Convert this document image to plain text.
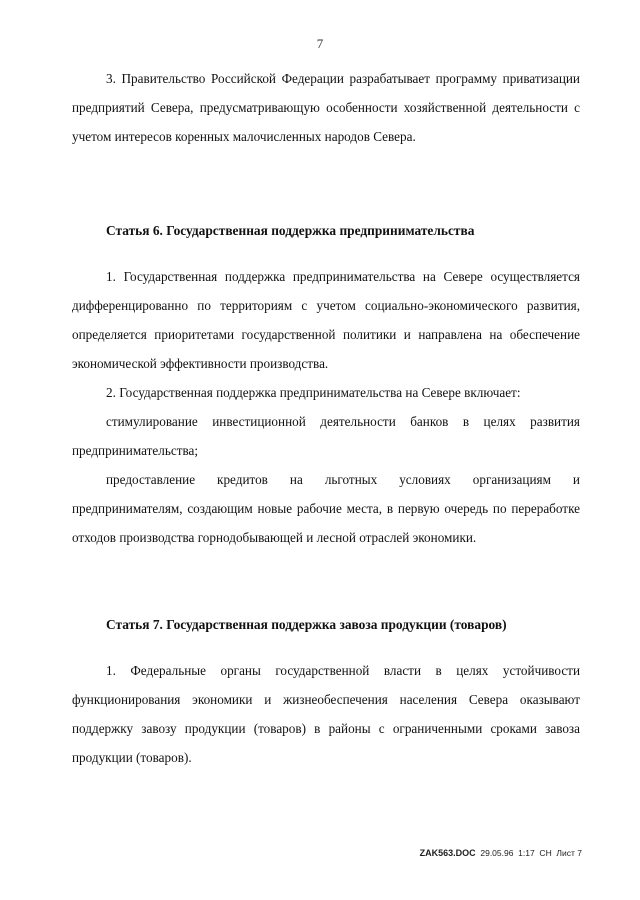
7

3. Правительство Российской Федерации разрабатывает программу приватизации предприятий Севера, предусматривающую особенности хозяйственной деятельности с учетом интересов коренных малочисленных народов Севера.

Статья 6. Государственная поддержка предпринимательства

1. Государственная поддержка предпринимательства на Севере осуществляется дифференцированно по территориям с учетом социально-экономического развития, определяется приоритетами государственной политики и направлена на обеспечение экономической эффективности производства.

2. Государственная поддержка предпринимательства на Севере включает:

стимулирование инвестиционной деятельности банков в целях развития предпринимательства;

предоставление кредитов на льготных условиях организациям и предпринимателям, создающим новые рабочие места, в первую очередь по переработке отходов производства горнодобывающей и лесной отраслей экономики.

Статья 7. Государственная поддержка завоза продукции (товаров)

1. Федеральные органы государственной власти в целях устойчивости функционирования экономики и жизнеобеспечения населения Севера оказывают поддержку завозу продукции (товаров) в районы с ограниченными сроками завоза продукции (товаров).

ZAK563.DOC 29.05.96  1:17  СН  Лист 7
